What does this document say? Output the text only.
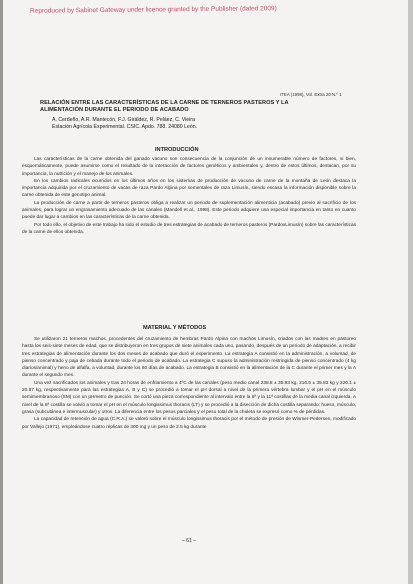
Reproduced by Sabinet Gateway under licence granted by the Publisher (dated 2009)
ITEA (1998), Vol. Extra 20 N.º 1
RELACIÓN ENTRE LAS CARACTERÍSTICAS DE LA CARNE DE TERNEROS PASTEROS Y LA ALIMENTACIÓN DURANTE EL PERIODO DE ACABADO
A. Cerdeño, A.R. Mantecón, F.J. Giráldez, R. Peláez, C. Vieira
Estación Agrícola Experimental. CSIC. Apdo. 788. 24080 León.
INTRODUCCIÓN

Las características de la carne obtenida del ganado vacuno son consecuencia de la conjunción de un innumerable número de factores, si bien, esquemáticamente, puede asumirse como el resultado de la interacción de factores genéticos y ambientales y, dentro de estos últimos, destacan, por su importancia, la nutrición y el manejo de los animales.

En los cambios radicales ocurridos en los últimos años en los sistemas de producción de vacuno de carne de la montaña de León destaca la importancia adquirida por el cruzamiento de vacas de raza Pardo Alpina por sementales de raza Limusín, siendo escasa la información disponible sobre la carne obtenida de este genotipo animal.

La producción de carne a partir de terneros pasteros obliga a realizar un periodo de suplementación alimenticia (acabado) previo al sacrificio de los animales, para lograr un engrasamiento adecuado de las canales (Mandell et al., 1998). Este periodo adquiere una especial importancia en tanto en cuanto puede dar lugar a cambios en las características de la carne obtenida.

Por todo ello, el objetivo de este trabajo ha sido el estudio de tres estrategias de acabado de terneros pasteros (PardoxLimusín) sobre las características de la carne de ellos obtenida.

MATERIAL Y MÉTODOS

Se utilizaron 21 terneros machos, procedentes del cruzamiento de hembras Pardo Alpina con machos Limusín, criados con las madres en pastoreo hasta los seis-siete meses de edad, que se distribuyeron en tres grupos de siete animales cada uno, pasando, después de un periodo de adaptación, a recibir tres estrategias de alimentación durante los dos meses de acabado que duró el experimento. La estrategia A consistió en la administración, a voluntad, de pienso concentrado y paja de cebada durante todo el periodo de acabado. La estrategia C supuso la administración restringida de pienso concentrado (4 kg diarios/animal) y heno de alfalfa, a voluntad, durante los 60 días de acabado. La estrategia B consistió en la alimentación de la C durante el primer mes y la A durante el segundo mes.

Una vez sacrificados los animales y tras 24 horas de enfriamiento a 4ºC de las canales (peso medio canal 238.8 ± 35.93 kg, 216.5 ± 35.83 kg y 220.1 ± 20.87 kg, respectivamente para las estrategias A, B y C) se procedió a tomar el pH dorsal a nivel de la primera vértebra lumbar y el pH en el músculo semimembranoso (SM) con un pHmetro de punción. Se cortó una pieza correspondiente al intervalo entre la 6ª y la 11ª costillas de la media canal izquierda. A nivel de la 6ª costilla se volvió a tomar el pH en el músculo longissimus thoracis (LT) y se procedió a la disección de dicha costilla separando: hueso, músculo, grasa (subcutánea e intermuscular) y otros. La diferencia entre los pesos parciales y el peso total de la chuleta se expresó como % de pérdidas.

La capacidad de retención de agua (C.R.A.) se valoró sobre el músculo longissimus thoracis por el método de presión de Wismer-Pedersen, modificado por Vallejo (1971), empleándose cuatro réplicas de 300 mg y un peso de 2.5 kg durante

– 61 –
